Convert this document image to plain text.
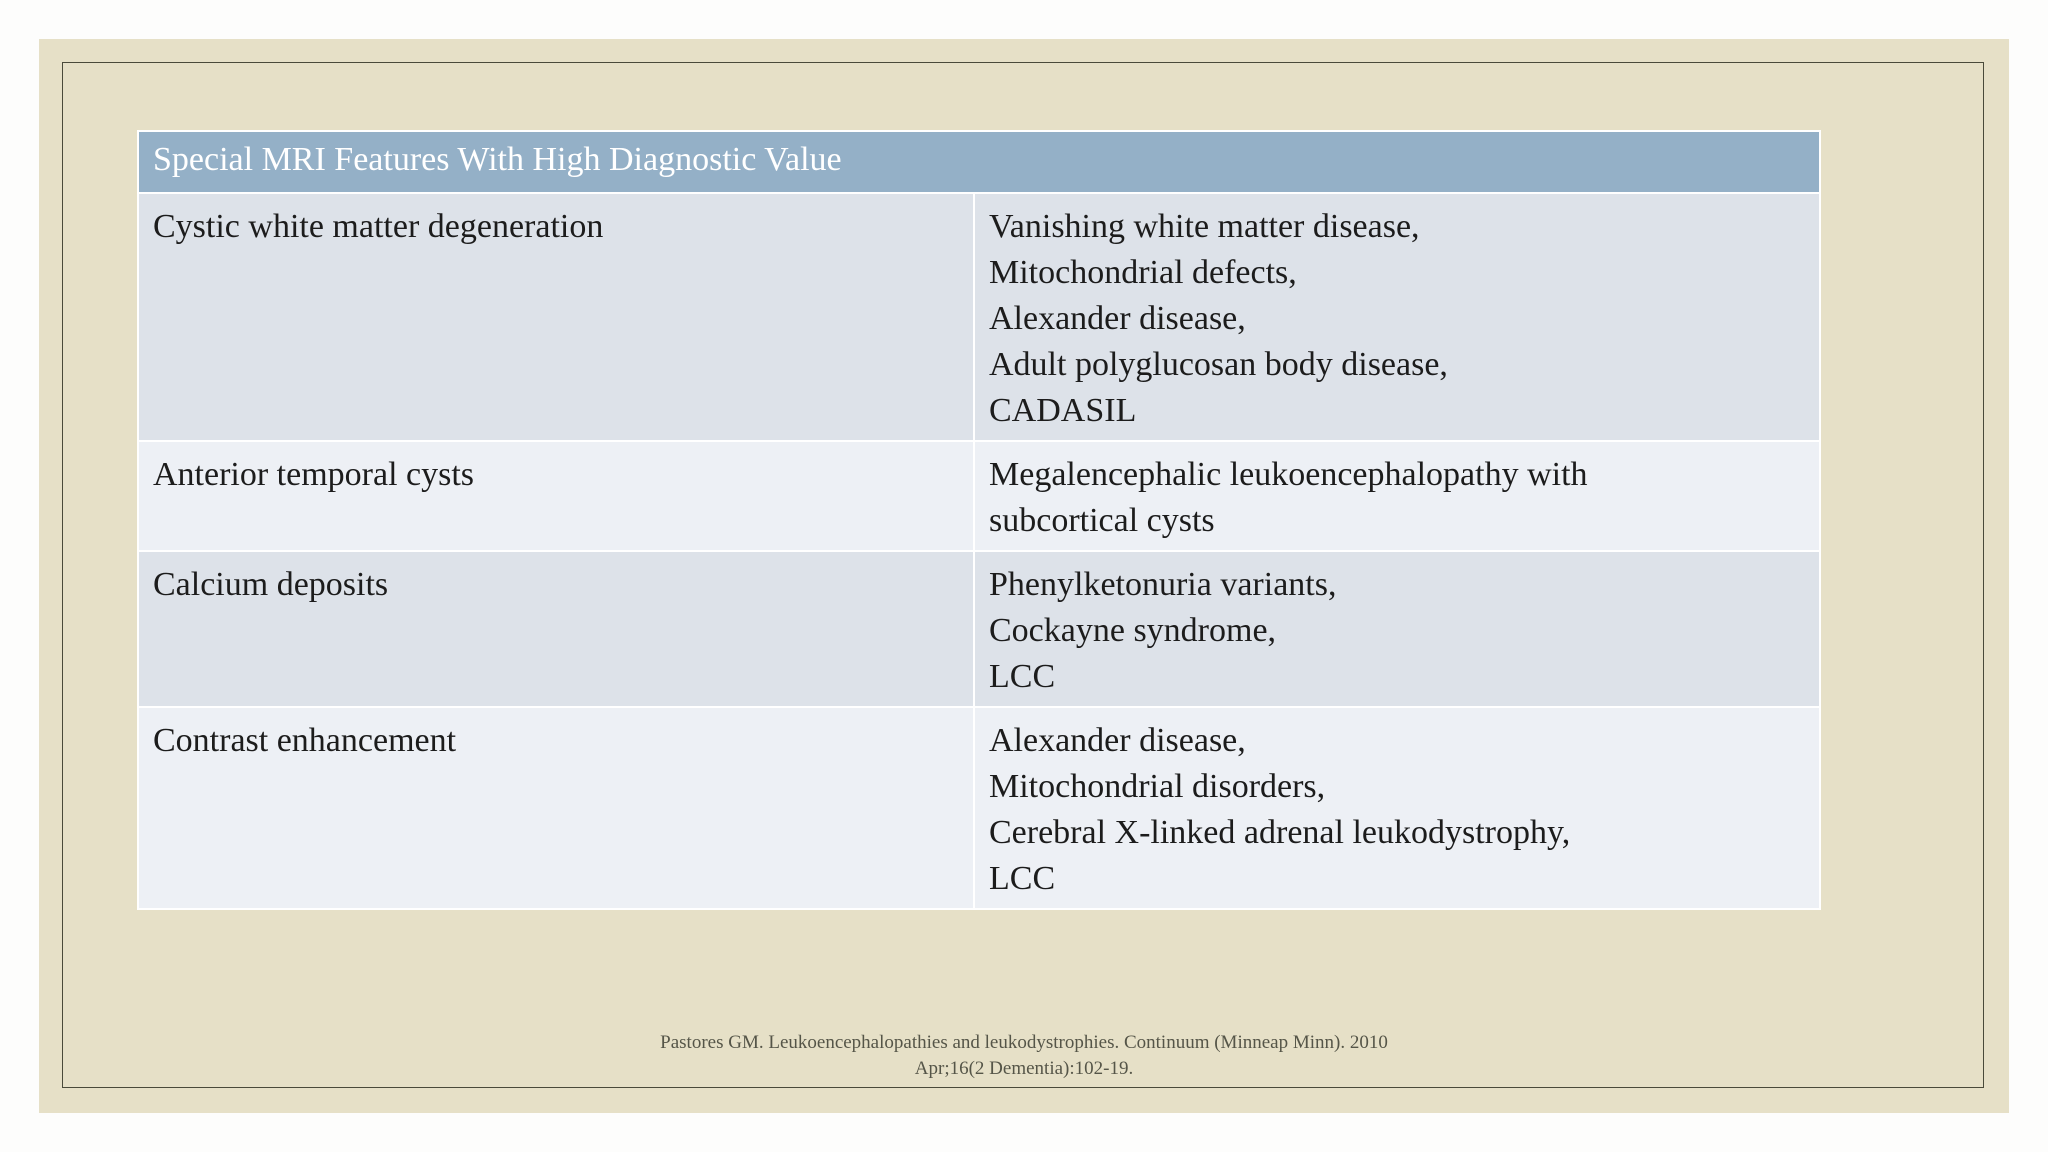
Special MRI Features With High Diagnostic Value	
Cystic white matter degeneration	Vanishing white matter disease,
Mitochondrial defects,
Alexander disease,
Adult polyglucosan body disease,
CADASIL

Anterior temporal cysts	Megalencephalic leukoencephalopathy with
subcortical cysts

Calcium deposits	Phenylketonuria variants,
Cockayne syndrome,
LCC

Contrast enhancement	Alexander disease,
Mitochondrial disorders,
Cerebral X-linked adrenal leukodystrophy,
LCC
Pastores GM. Leukoencephalopathies and leukodystrophies. Continuum (Minneap Minn). 2010
Apr;16(2 Dementia):102-19.
